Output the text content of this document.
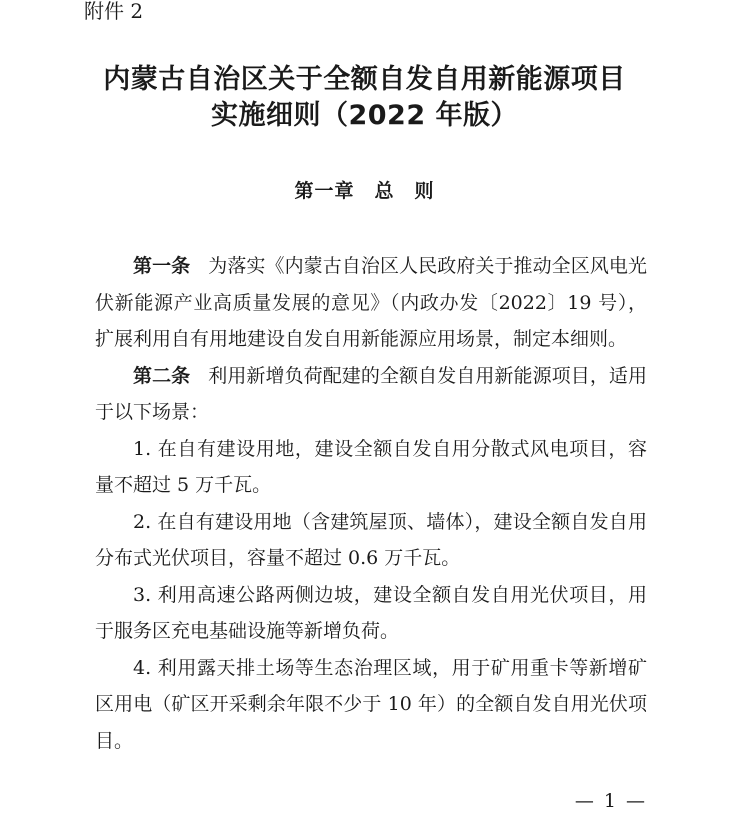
附件 2
内蒙古自治区关于全额自发自用新能源项目
实施细则（2022 年版）
第一章　总　则

第一条 为落实《内蒙古自治区人民政府关于推动全区风电光伏新能源产业高质量发展的意见》（内政办发〔2022〕19 号），扩展利用自有用地建设自发自用新能源应用场景，制定本细则。

第二条 利用新增负荷配建的全额自发自用新能源项目，适用于以下场景：

1. 在自有建设用地，建设全额自发自用分散式风电项目，容量不超过 5 万千瓦。

2. 在自有建设用地（含建筑屋顶、墙体），建设全额自发自用分布式光伏项目，容量不超过 0.6 万千瓦。

3. 利用高速公路两侧边坡，建设全额自发自用光伏项目，用于服务区充电基础设施等新增负荷。

4. 利用露天排土场等生态治理区域，用于矿用重卡等新增矿区用电（矿区开采剩余年限不少于 10 年）的全额自发自用光伏项目。

— 1 —
